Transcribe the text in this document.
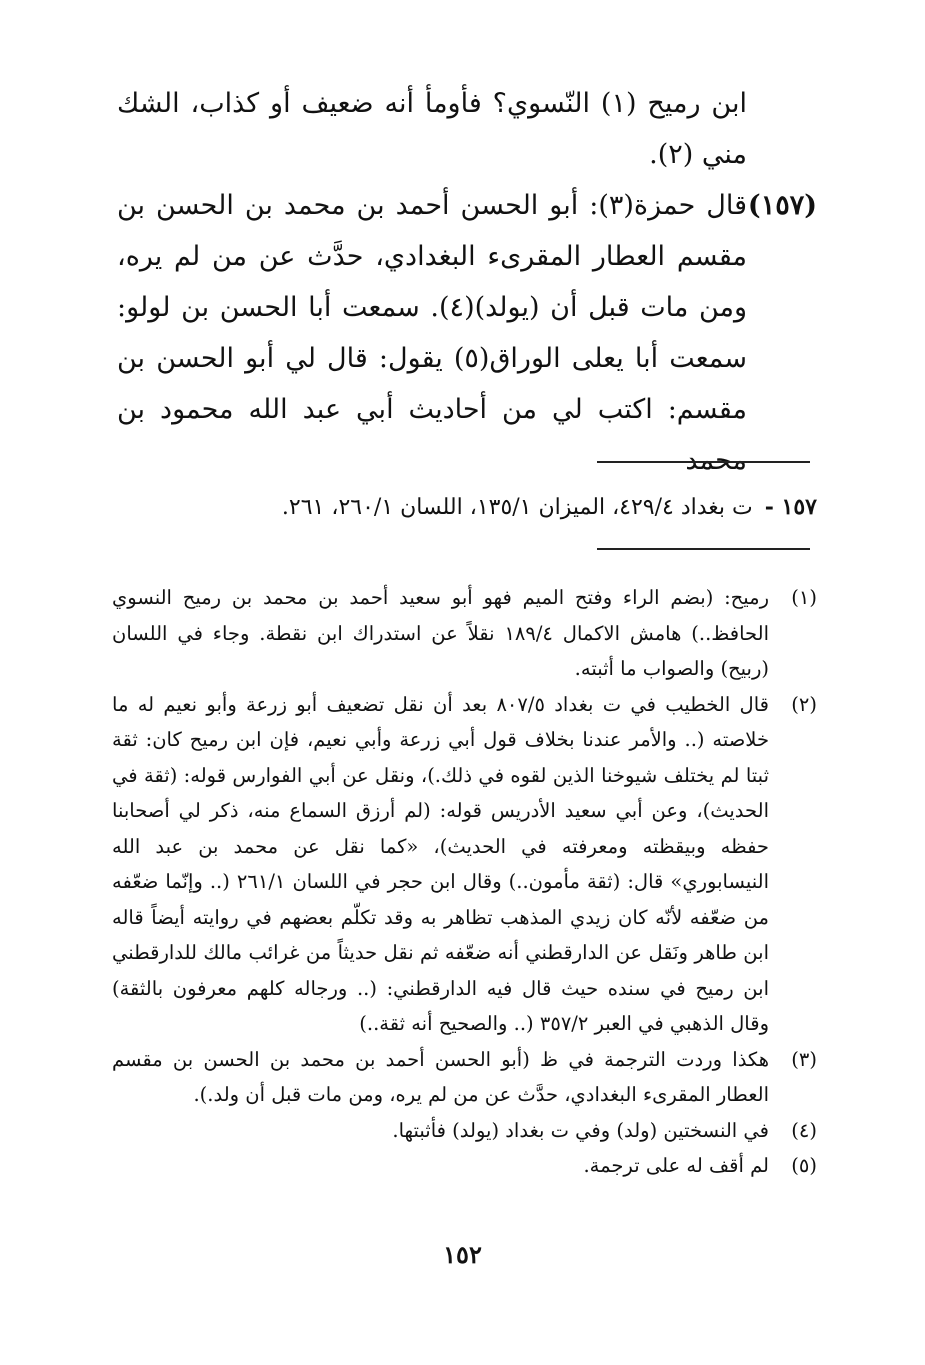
ابن رميح (١) النّسوي؟ فأومأ أنه ضعيف أو كذاب، الشك مني (٢).
(١٥٧)
قال حمزة(٣): أبو الحسن أحمد بن محمد بن الحسن بن مقسم العطار المقرىء البغدادي، حدَّث عن من لم يره، ومن مات قبل أن (يولد)(٤). سمعت أبا الحسن بن لولو: سمعت أبا يعلى الوراق(٥) يقول: قال لي أبو الحسن بن مقسم: اكتب لي من أحاديث أبي عبد الله محمود بن محمد
١٥٧ -ت بغداد ٤٢٩/٤، الميزان ١٣٥/١، اللسان ٢٦٠/١، ٢٦١.
(١)
رميح: (بضم الراء وفتح الميم فهو أبو سعيد أحمد بن محمد بن رميح النسوي الحافظ..) هامش الاكمال ١٨٩/٤ نقلاً عن استدراك ابن نقطة. وجاء في اللسان (ربيح) والصواب ما أثبته.
(٢)
قال الخطيب في ت بغداد ٨٠٧/٥ بعد أن نقل تضعيف أبو زرعة وأبو نعيم له ما خلاصته (.. والأمر عندنا بخلاف قول أبي زرعة وأبي نعيم، فإن ابن رميح كان: ثقة ثبتا لم يختلف شيوخنا الذين لقوه في ذلك.)، ونقل عن أبي الفوارس قوله: (ثقة في الحديث)، وعن أبي سعيد الأدريس قوله: (لم أرزق السماع منه، ذكر لي أصحابنا حفظه وبيقظته ومعرفته في الحديث)، «كما نقل عن محمد بن عبد الله النيسابوري» قال: (ثقة مأمون..) وقال ابن حجر في اللسان ٢٦١/١ (.. وإنّما ضعّفه من ضعّفه لأنّه كان زيدي المذهب تظاهر به وقد تكلّم بعضهم في روايته أيضاً قاله ابن طاهر ونَقل عن الدارقطني أنه ضعّفه ثم نقل حديثاً من غرائب مالك للدارقطني ابن رميح في سنده حيث قال فيه الدارقطني: (.. ورجاله كلهم معرفون بالثقة) وقال الذهبي في العبر ٣٥٧/٢ (.. والصحيح أنه ثقة..)
(٣)
هكذا وردت الترجمة في ظ (أبو الحسن أحمد بن محمد بن الحسن بن مقسم العطار المقرىء البغدادي، حدَّث عن من لم يره، ومن مات قبل أن ولد.).
(٤)
في النسختين (ولد) وفي ت بغداد (يولد) فأثبتها.
(٥)
لم أقف له على ترجمة.
١٥٢
